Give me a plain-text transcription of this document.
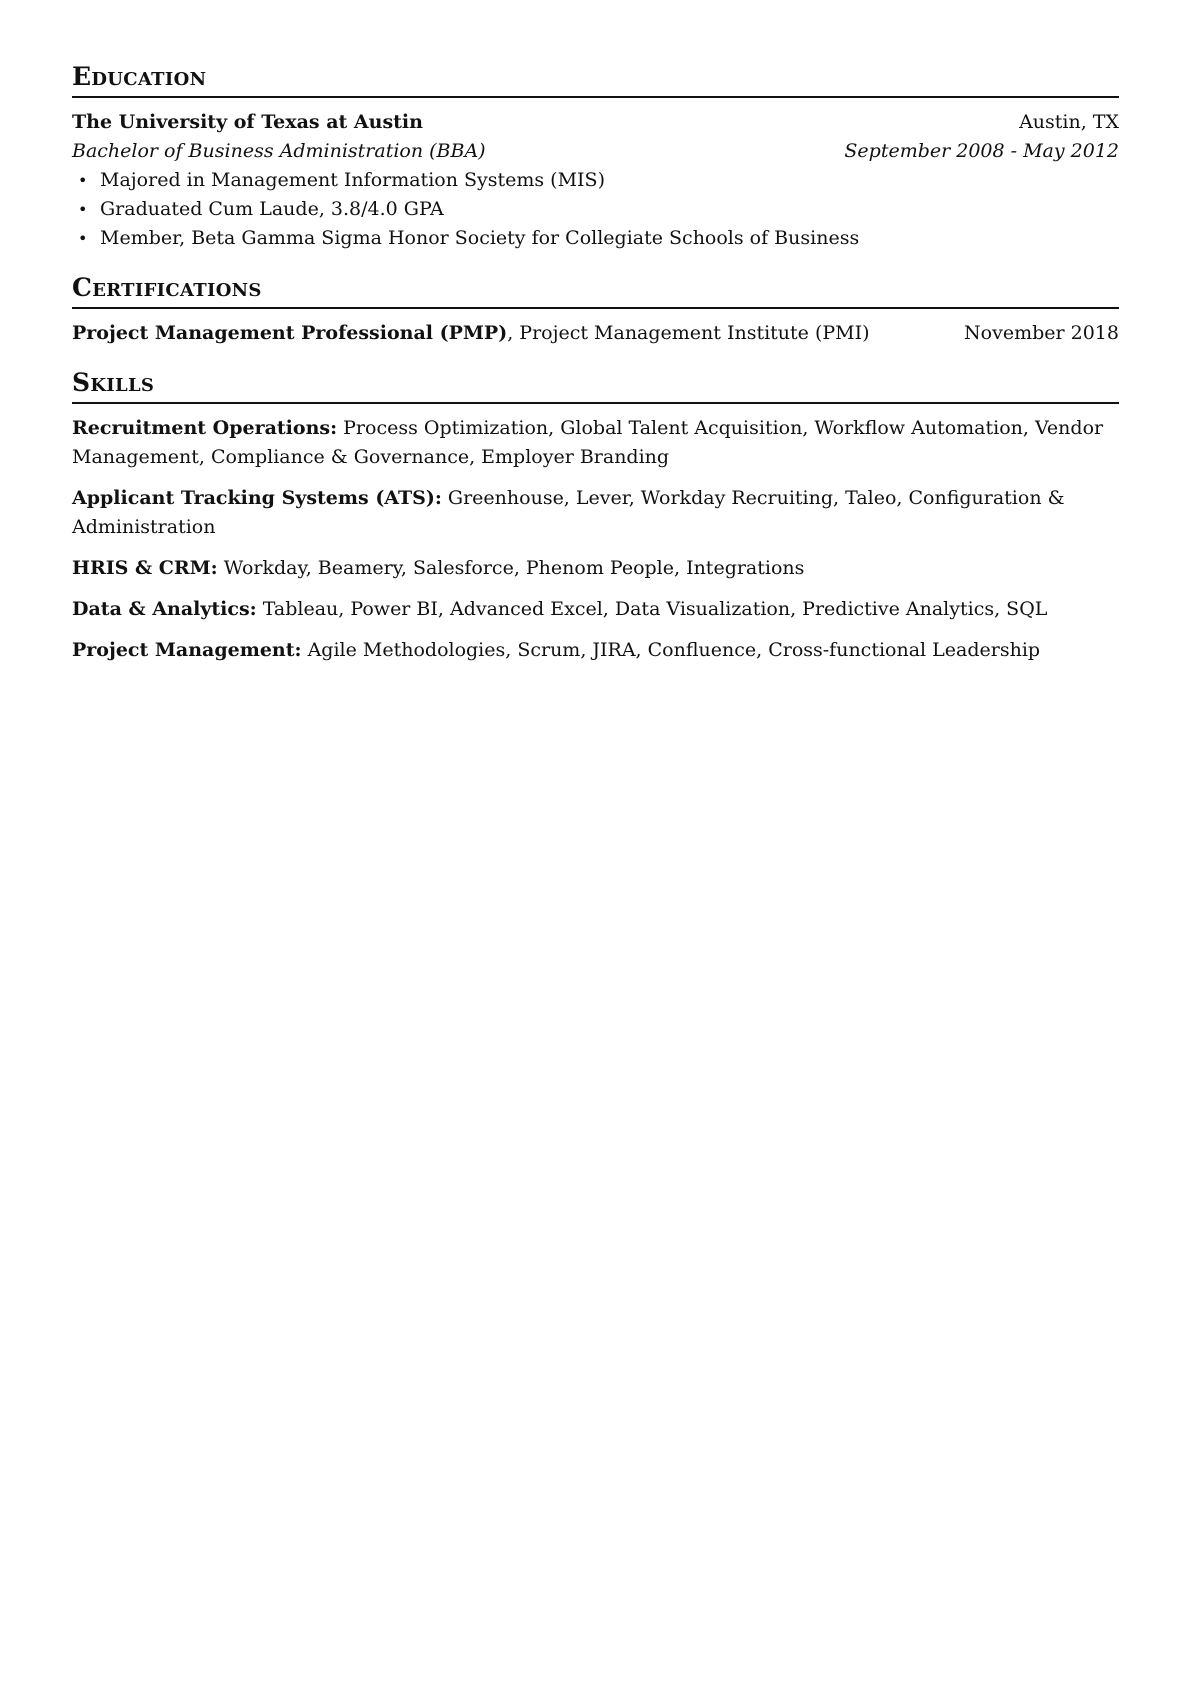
Education
The University of Texas at Austin	Austin, TX
Bachelor of Business Administration (BBA)	September 2008 - May 2012
• Majored in Management Information Systems (MIS)
• Graduated Cum Laude, 3.8/4.0 GPA
• Member, Beta Gamma Sigma Honor Society for Collegiate Schools of Business
Certifications
Project Management Professional (PMP), Project Management Institute (PMI)	November 2018
Skills
Recruitment Operations: Process Optimization, Global Talent Acquisition, Workflow Automation, Vendor Management, Compliance & Governance, Employer Branding
Applicant Tracking Systems (ATS): Greenhouse, Lever, Workday Recruiting, Taleo, Configuration & Administration
HRIS & CRM: Workday, Beamery, Salesforce, Phenom People, Integrations
Data & Analytics: Tableau, Power BI, Advanced Excel, Data Visualization, Predictive Analytics, SQL
Project Management: Agile Methodologies, Scrum, JIRA, Confluence, Cross-functional Leadership
